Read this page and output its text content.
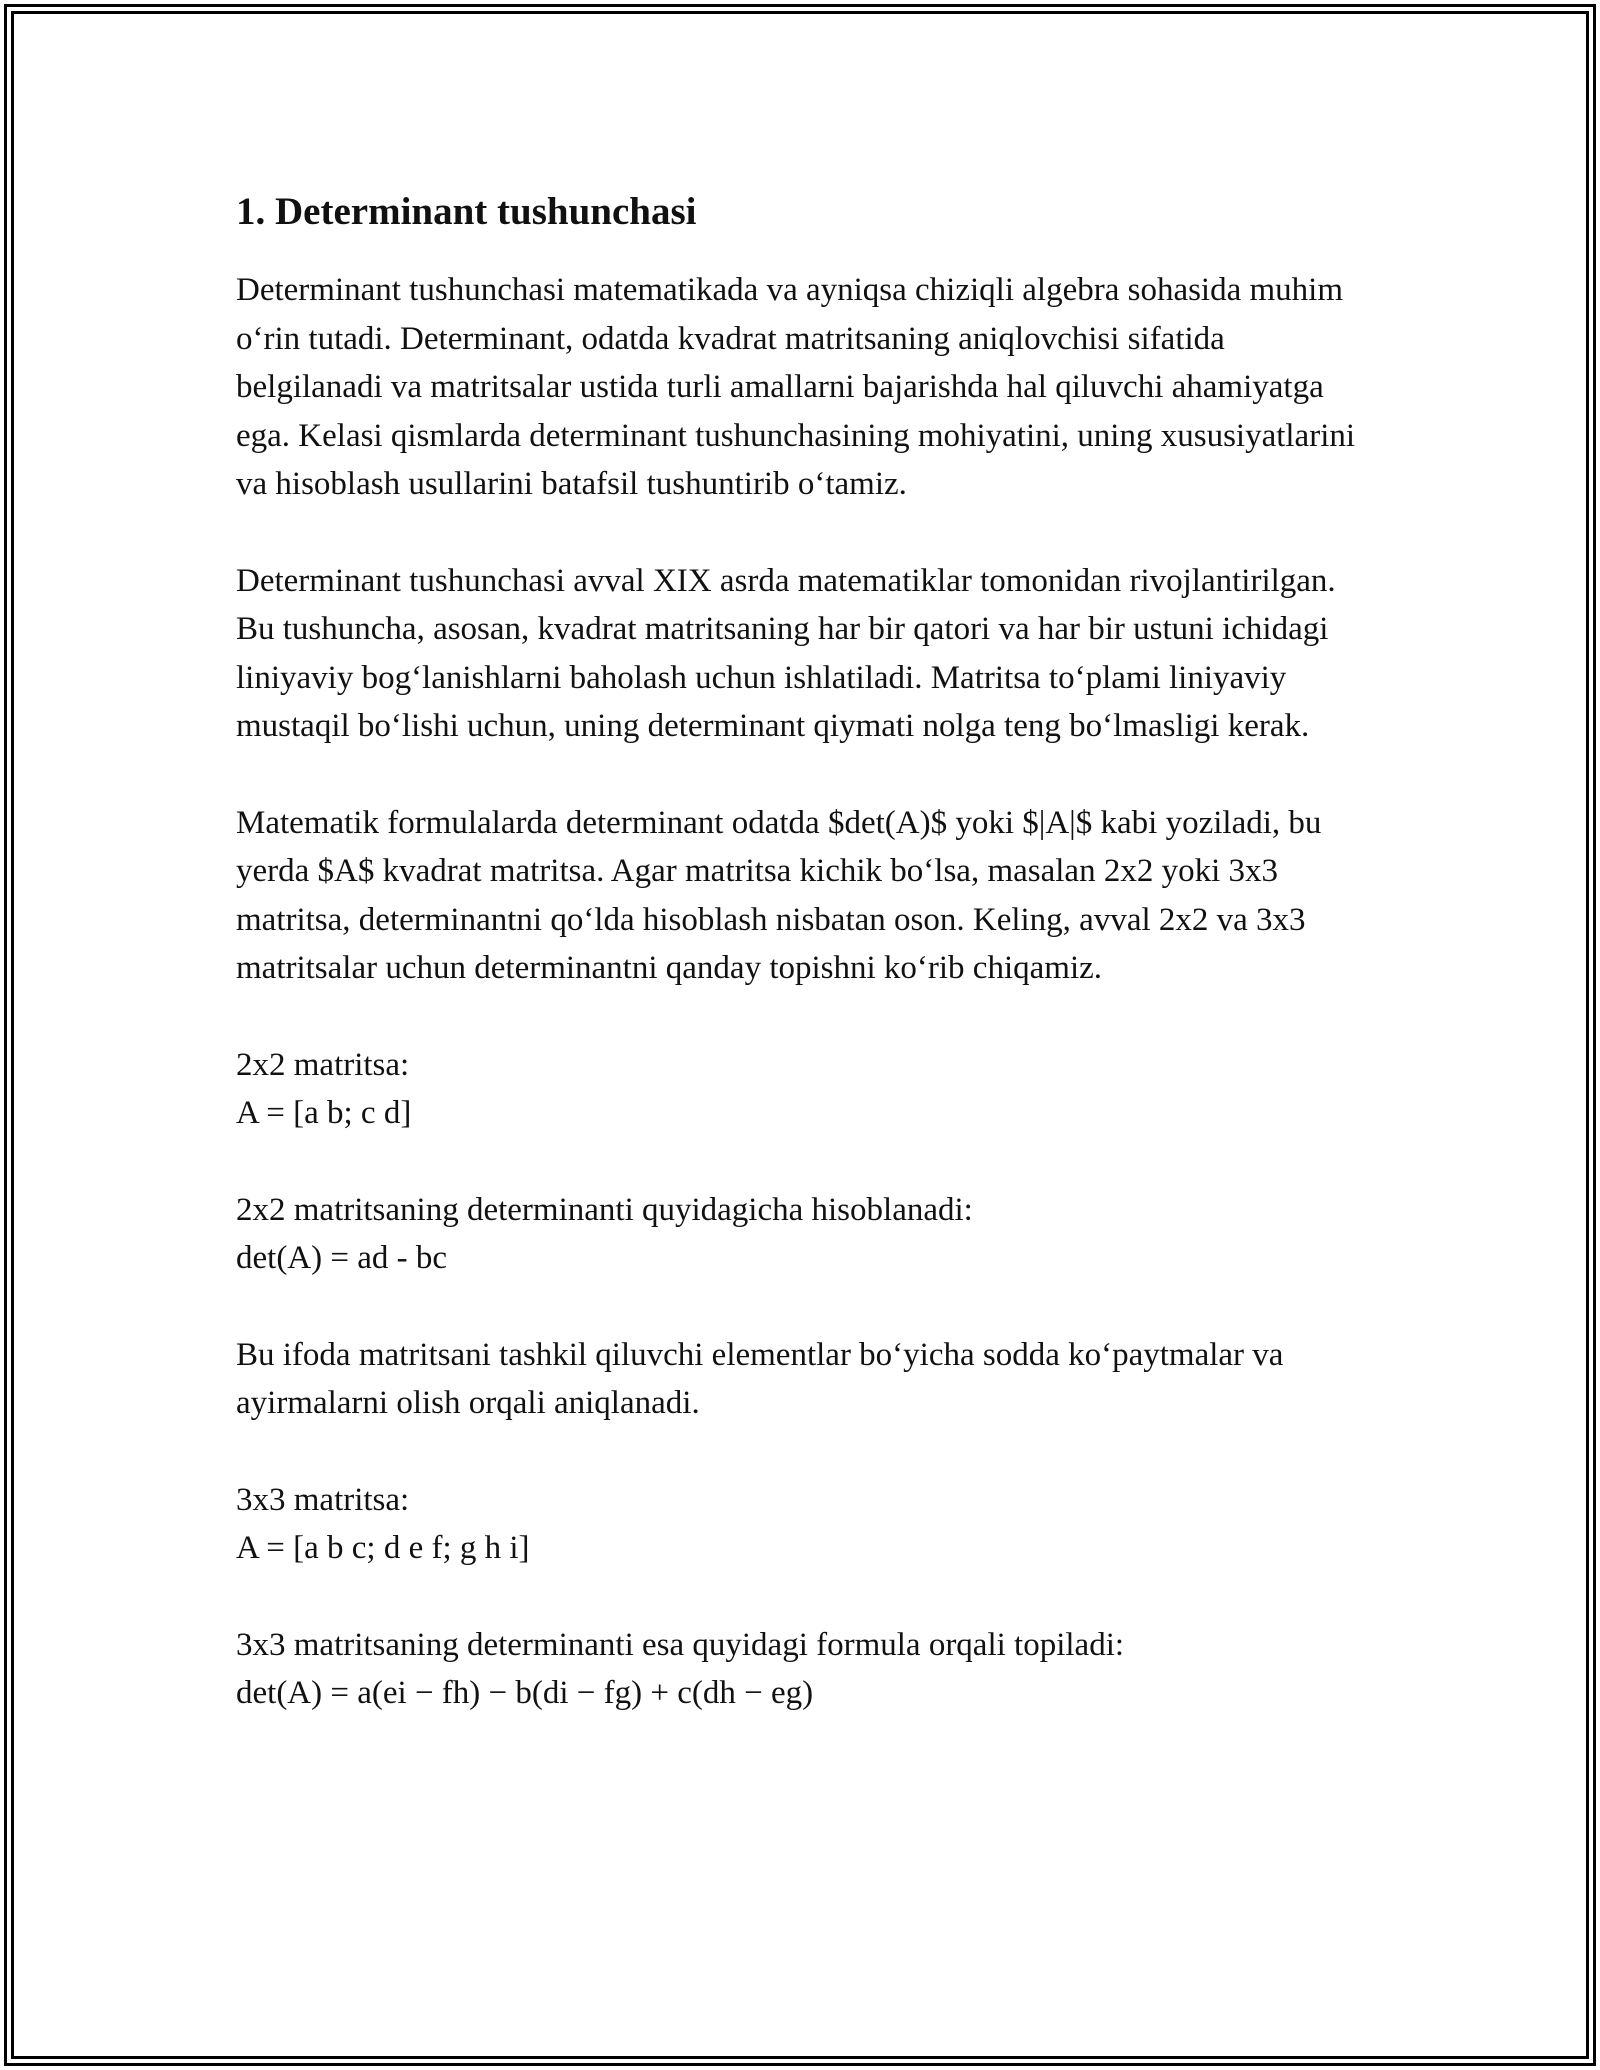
1. Determinant tushunchasi

Determinant tushunchasi matematikada va ayniqsa chiziqli algebra sohasida muhim o‘rin tutadi. Determinant, odatda kvadrat matritsaning aniqlovchisi sifatida belgilanadi va matritsalar ustida turli amallarni bajarishda hal qiluvchi ahamiyatga ega. Kelasi qismlarda determinant tushunchasining mohiyatini, uning xususiyatlarini va hisoblash usullarini batafsil tushuntirib o‘tamiz.

Determinant tushunchasi avval XIX asrda matematiklar tomonidan rivojlantirilgan. Bu tushuncha, asosan, kvadrat matritsaning har bir qatori va har bir ustuni ichidagi liniyaviy bog‘lanishlarni baholash uchun ishlatiladi. Matritsa to‘plami liniyaviy mustaqil bo‘lishi uchun, uning determinant qiymati nolga teng bo‘lmasligi kerak.

Matematik formulalarda determinant odatda $det(A)$ yoki $|A|$ kabi yoziladi, bu yerda $A$ kvadrat matritsa. Agar matritsa kichik bo‘lsa, masalan 2x2 yoki 3x3 matritsa, determinantni qo‘lda hisoblash nisbatan oson. Keling, avval 2x2 va 3x3 matritsalar uchun determinantni qanday topishni ko‘rib chiqamiz.

2x2 matritsa:
A = [a b; c d]

2x2 matritsaning determinanti quyidagicha hisoblanadi:
det(A) = ad - bc

Bu ifoda matritsani tashkil qiluvchi elementlar bo‘yicha sodda ko‘paytmalar va ayirmalarni olish orqali aniqlanadi.

3x3 matritsa:
A = [a b c; d e f; g h i]

3x3 matritsaning determinanti esa quyidagi formula orqali topiladi:
det(A) = a(ei − fh) − b(di − fg) + c(dh − eg)
